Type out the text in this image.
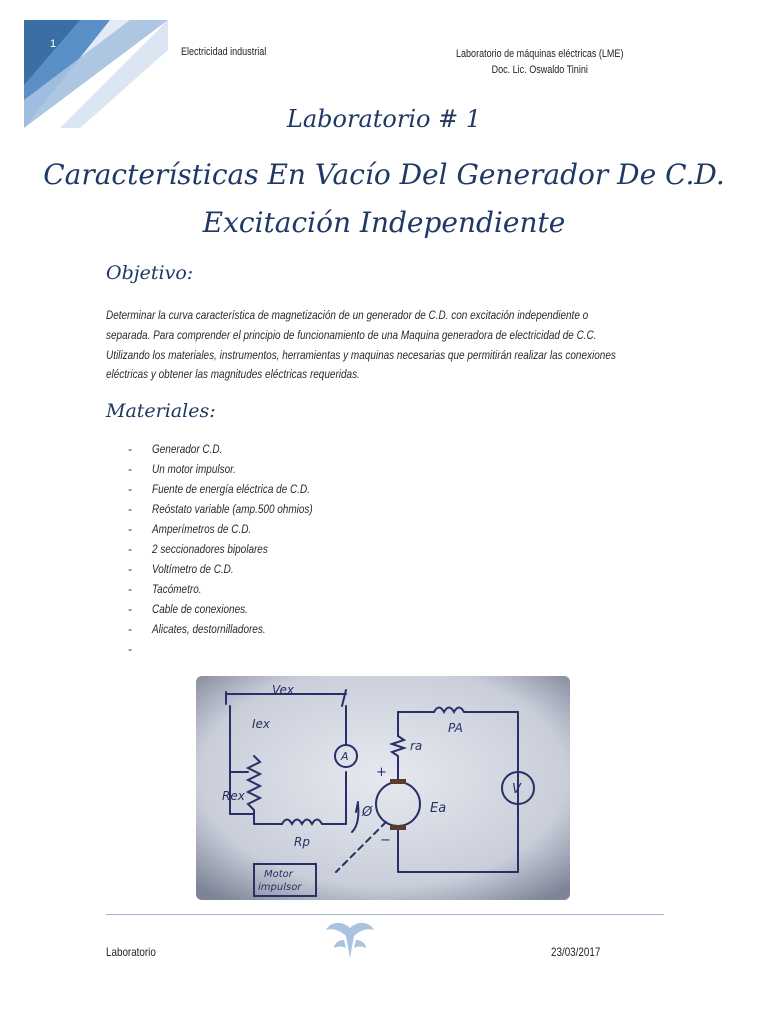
1
Electricidad industrial	Laboratorio de máquinas eléctricas (LME)
Doc. Lic. Oswaldo Tinini
Laboratorio # 1
Características En Vacío Del Generador De C.D.
Excitación Independiente
Objetivo:

Determinar la curva característica de magnetización de un generador de C.D. con excitación independiente o

separada. Para comprender el principio de funcionamiento de una Maquina generadora de electricidad de C.C.

Utilizando los materiales, instrumentos, herramientas y maquinas necesarias que permitirán realizar las conexiones

eléctricas y obtener las magnitudes eléctricas requeridas.

Materiales:
- Generador C.D.
- Un motor impulsor.
- Fuente de energía eléctrica de C.D.
- Reóstato variable (amp.500 ohmios)
- Amperímetros de C.D.
- 2 seccionadores bipolares
- Voltímetro de C.D.
- Tacómetro.
- Cable de conexiones.
- Alicates, destornilladores.
-
Vex
Iex
A
Rex
Rp
Ø
+
−
ra
PA
Ea
V
Motor
impulsor
Laboratorio	23/03/2017
